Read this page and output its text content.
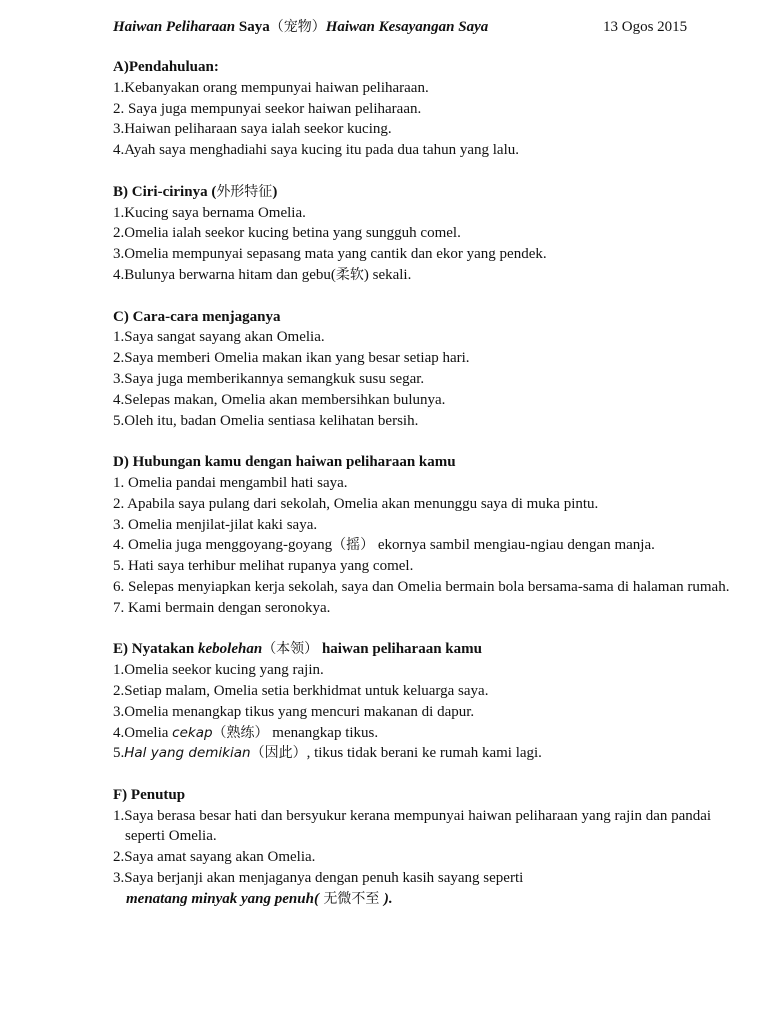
Haiwan Peliharaan Saya（宠物）Haiwan Kesayangan Saya	13 Ogos 2015
A)Pendahuluan:
1.Kebanyakan orang mempunyai haiwan peliharaan.
2. Saya juga mempunyai seekor haiwan peliharaan.
3.Haiwan peliharaan saya ialah seekor kucing.
4.Ayah saya menghadiahi saya kucing itu pada dua tahun yang lalu.
B) Ciri-cirinya (外形特征)
1.Kucing saya bernama Omelia.
2.Omelia ialah seekor kucing betina yang sungguh comel.
3.Omelia mempunyai sepasang mata yang cantik dan ekor yang pendek.
4.Bulunya berwarna hitam dan gebu(柔软) sekali.
C) Cara-cara menjaganya
1.Saya sangat sayang akan Omelia.
2.Saya memberi Omelia makan ikan yang besar setiap hari.
3.Saya juga memberikannya semangkuk susu segar.
4.Selepas makan, Omelia akan membersihkan bulunya.
5.Oleh itu, badan Omelia sentiasa kelihatan bersih.
D) Hubungan kamu dengan haiwan peliharaan kamu
1. Omelia pandai mengambil hati saya.
2. Apabila saya pulang dari sekolah, Omelia akan menunggu saya di muka pintu.
3. Omelia menjilat-jilat kaki saya.
4. Omelia juga menggoyang-goyang（摇） ekornya sambil mengiau-ngiau dengan manja.
5. Hati saya terhibur melihat rupanya yang comel.
6. Selepas menyiapkan kerja sekolah, saya dan Omelia bermain bola bersama-sama di halaman rumah.
7. Kami bermain dengan seronokya.
E) Nyatakan kebolehan（本领） haiwan peliharaan kamu
1.Omelia seekor kucing yang rajin.
2.Setiap malam, Omelia setia berkhidmat untuk keluarga saya.
3.Omelia menangkap tikus yang mencuri makanan di dapur.
4.Omelia cekap（熟练） menangkap tikus.
5.Hal yang demikian（因此）, tikus tidak berani ke rumah kami lagi.
F) Penutup
1.Saya berasa besar hati dan bersyukur kerana mempunyai haiwan peliharaan yang rajin dan pandai seperti Omelia.
2.Saya amat sayang akan Omelia.
3.Saya berjanji akan menjaganya dengan penuh kasih sayang seperti
menatang minyak yang penuh( 无微不至 ).
